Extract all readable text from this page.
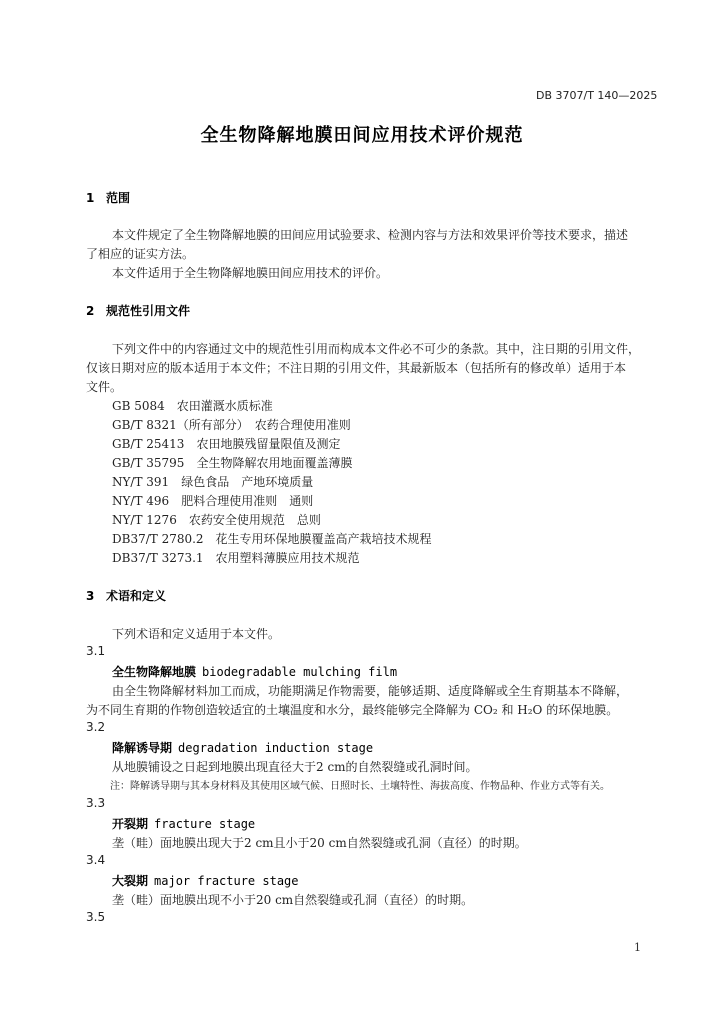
DB 3707/T 140—2025
全生物降解地膜田间应用技术评价规范
1 范围
本文件规定了全生物降解地膜的田间应用试验要求、检测内容与方法和效果评价等技术要求，描述
了相应的证实方法。
本文件适用于全生物降解地膜田间应用技术的评价。
2 规范性引用文件
下列文件中的内容通过文中的规范性引用而构成本文件必不可少的条款。其中，注日期的引用文件，
仅该日期对应的版本适用于本文件；不注日期的引用文件，其最新版本（包括所有的修改单）适用于本
文件。
GB 5084　农田灌溉水质标准
GB/T 8321（所有部分）　农药合理使用准则
GB/T 25413　农田地膜残留量限值及测定
GB/T 35795　全生物降解农用地面覆盖薄膜
NY/T 391　绿色食品　产地环境质量
NY/T 496　肥料合理使用准则　通则
NY/T 1276　农药安全使用规范　总则
DB37/T 2780.2　花生专用环保地膜覆盖高产栽培技术规程
DB37/T 3273.1　农用塑料薄膜应用技术规范
3 术语和定义
下列术语和定义适用于本文件。
3.1
全生物降解地膜 biodegradable mulching film
由全生物降解材料加工而成，功能期满足作物需要，能够适期、适度降解或全生育期基本不降解，
为不同生育期的作物创造较适宜的土壤温度和水分，最终能够完全降解为 CO₂ 和 H₂O 的环保地膜。
3.2
降解诱导期 degradation induction stage
从地膜铺设之日起到地膜出现直径大于2 cm的自然裂缝或孔洞时间。
注：降解诱导期与其本身材料及其使用区域气候、日照时长、土壤特性、海拔高度、作物品种、作业方式等有关。
3.3
开裂期 fracture stage
垄（畦）面地膜出现大于2 cm且小于20 cm自然裂缝或孔洞（直径）的时期。
3.4
大裂期 major fracture stage
垄（畦）面地膜出现不小于20 cm自然裂缝或孔洞（直径）的时期。
3.5
1
